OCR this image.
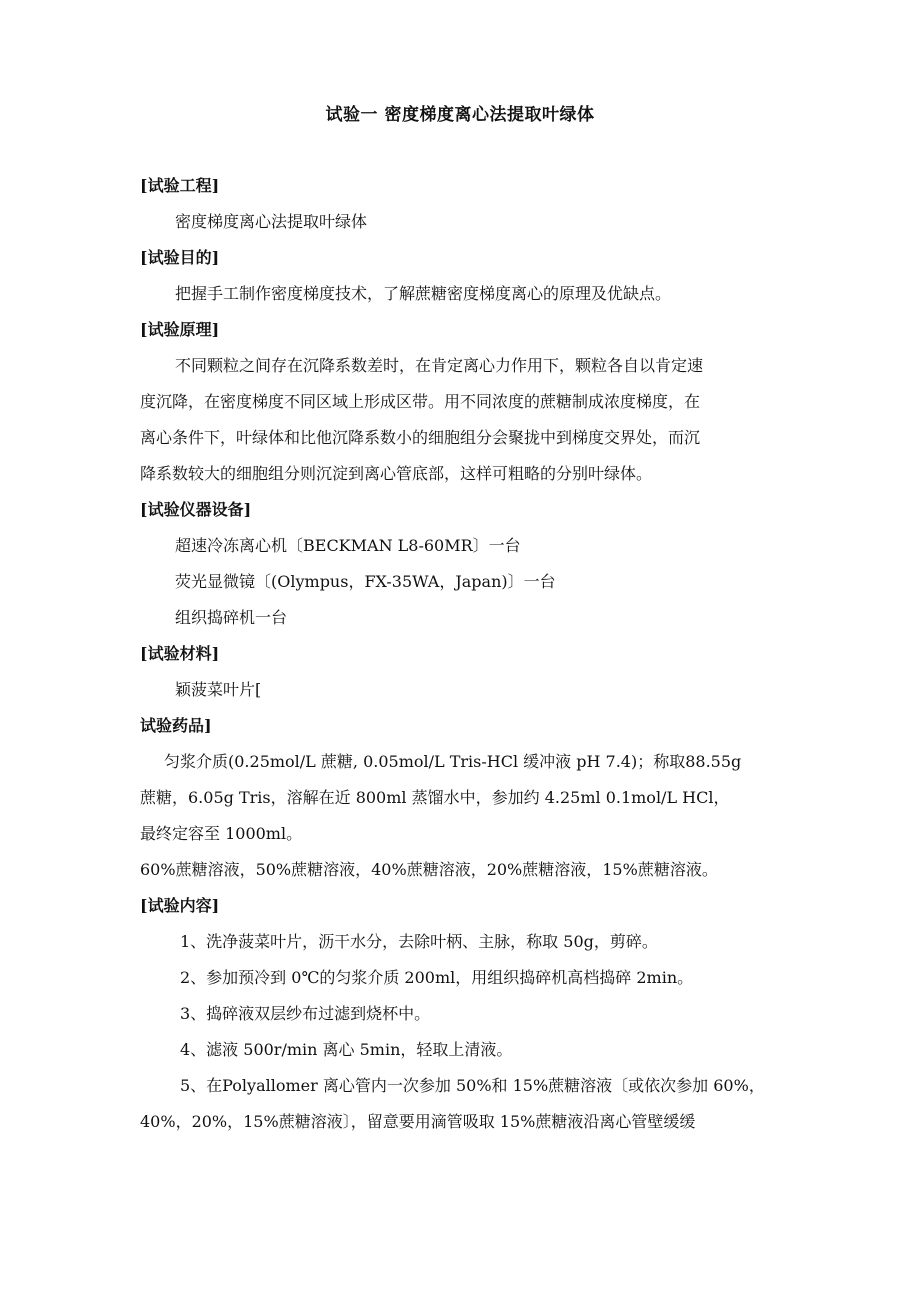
试验一 密度梯度离心法提取叶绿体
[试验工程]
密度梯度离心法提取叶绿体
[试验目的]
把握手工制作密度梯度技术，了解蔗糖密度梯度离心的原理及优缺点。
[试验原理]
不同颗粒之间存在沉降系数差时，在肯定离心力作用下，颗粒各自以肯定速
度沉降，在密度梯度不同区域上形成区带。用不同浓度的蔗糖制成浓度梯度，在
离心条件下，叶绿体和比他沉降系数小的细胞组分会聚拢中到梯度交界处，而沉
降系数较大的细胞组分则沉淀到离心管底部，这样可粗略的分别叶绿体。
[试验仪器设备]
超速冷冻离心机〔BECKMAN L8-60MR〕一台
荧光显微镜〔(Olympus，FX-35WA，Japan)〕一台
组织捣碎机一台
[试验材料]
颖菠菜叶片[
试验药品]
匀浆介质(0.25mol/L 蔗糖, 0.05mol/L Tris-HCl 缓冲液 pH 7.4)；称取88.55g
蔗糖，6.05g Tris，溶解在近 800ml 蒸馏水中，参加约 4.25ml 0.1mol/L HCl，
最终定容至 1000ml。
60%蔗糖溶液，50%蔗糖溶液，40%蔗糖溶液，20%蔗糖溶液，15%蔗糖溶液。
[试验内容]
1、洗净菠菜叶片，沥干水分，去除叶柄、主脉，称取 50g，剪碎。
2、参加预冷到 0℃的匀浆介质 200ml，用组织捣碎机高档捣碎 2min。
3、捣碎液双层纱布过滤到烧杯中。
4、滤液 500r/min 离心 5min，轻取上清液。
5、在Polyallomer 离心管内一次参加 50%和 15%蔗糖溶液〔或依次参加 60%，
40%，20%，15%蔗糖溶液〕，留意要用滴管吸取 15%蔗糖液沿离心管壁缓缓
